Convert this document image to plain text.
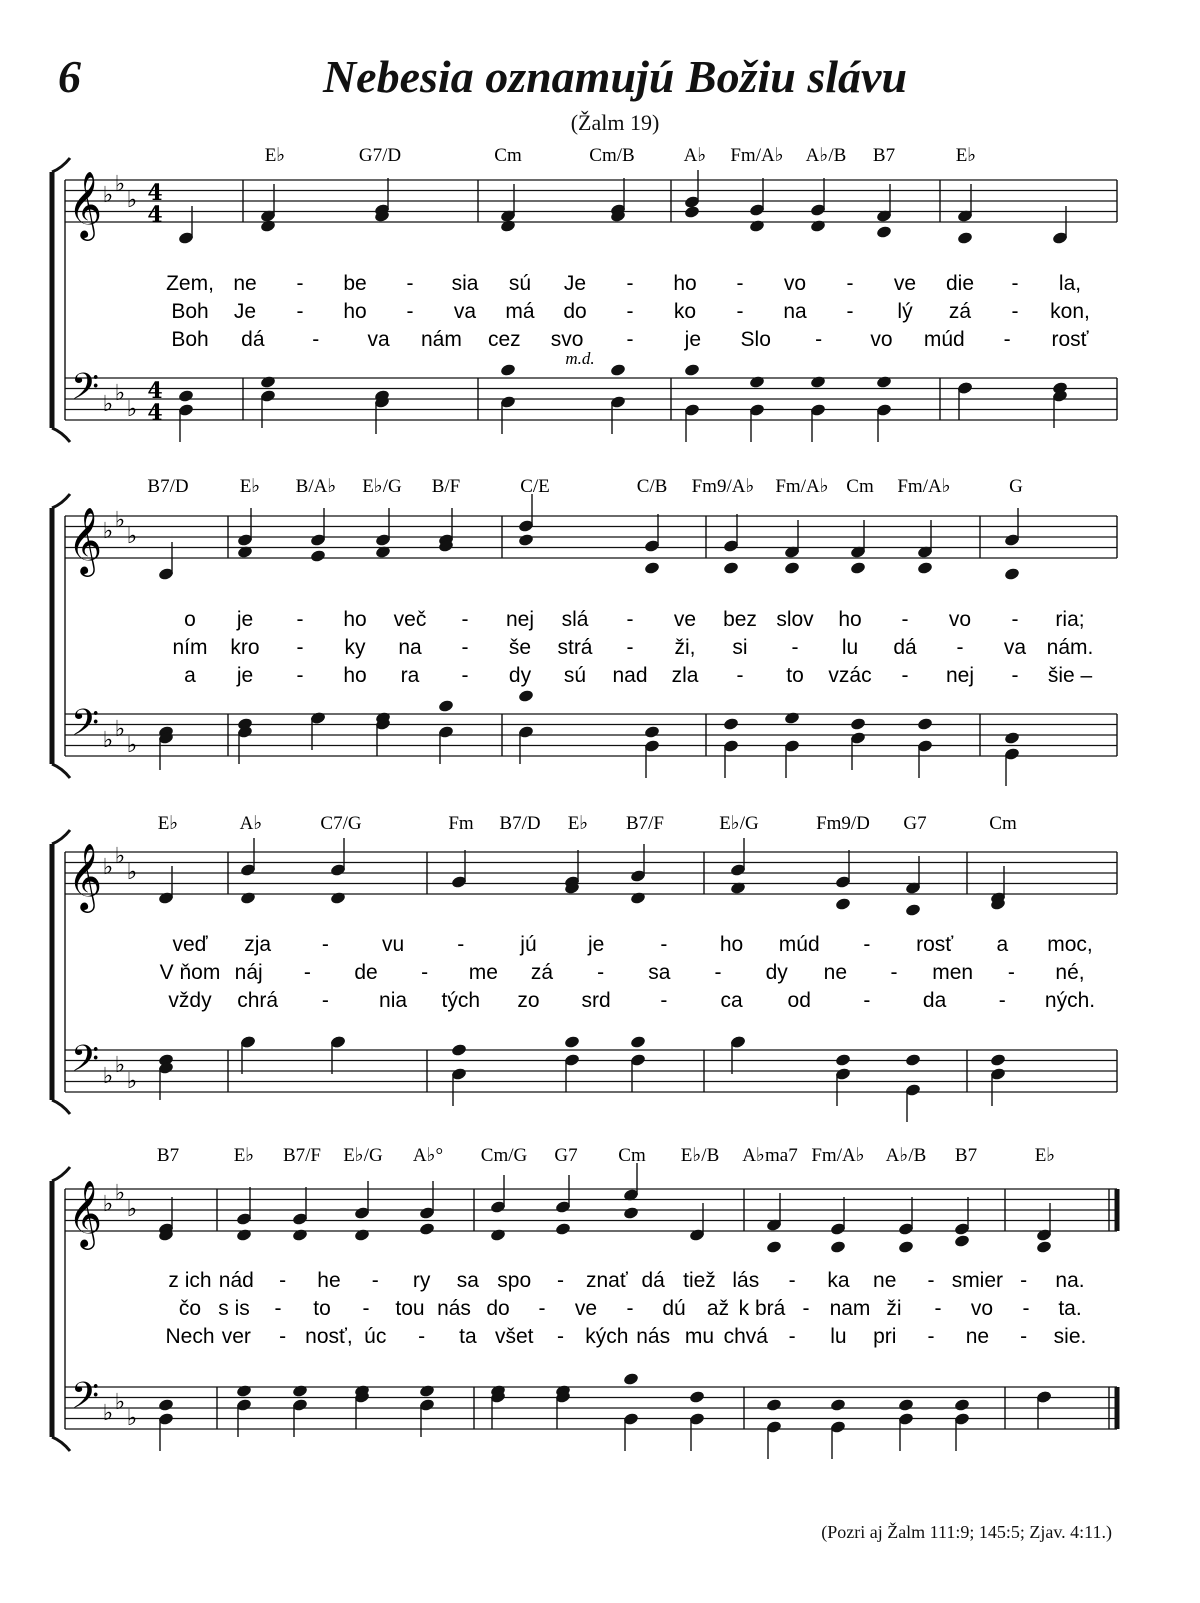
6	Nebesia oznamujú Božiu slávu
(Žalm 19)
𝄞
𝄢
♭ ♭
♭
♭ ♭
♭
4
4
4
4
E♭	G7/D	Cm	Cm/B	A♭ Fm/A♭ A♭/B B7	E♭
Zem, ne - be - sia sú Je - ho - vo - ve die - la,
Boh Je - ho - va má do - ko - na - lý zá - kon,
Boh dá - va nám cez svo - je Slo - vo múd - rosť
m.d.
𝄞
𝄢
♭ ♭
♭
♭ ♭
♭
B7/D	E♭ B/A♭ E♭/G B/F	C/E	C/B Fm9/A♭ Fm/A♭ Cm Fm/A♭	G
o je - ho več - nej slá - ve bez slov ho - vo - ria;
ním kro - ky na - še strá - ži, si - lu dá - va nám.
a je - ho ra - dy sú nad zla - to vzác - nej - šie –
𝄞
𝄢
♭ ♭
♭
♭ ♭
♭
E♭	A♭	C7/G	Fm B7/D E♭ B7/F	E♭/G	Fm9/D G7	Cm
veď zja -	vu	-	jú je	-	ho múd - rosť a moc,
V ňom náj - de - me zá - sa - dy ne - men - né,
vždy chrá - nia tých zo srd -	ca od	-	da	- ných.
𝄞
𝄢
♭ ♭
♭
♭ ♭
♭
B7	E♭ B7/F E♭/G A♭° Cm/G G7 Cm E♭/B A♭ma7 Fm/A♭ A♭/B B7	E♭
z ich nád - he - ry sa spo - znať dá tiež lás - ka ne - smier - na.
čo s is - to - tou nás do - ve - dú až k brá - nam ži - vo - ta.
Nech ver - nosť, úc - ta všet - kých nás mu chvá - lu pri - ne - sie.
(Pozri aj Žalm 111:9; 145:5; Zjav. 4:11.)
